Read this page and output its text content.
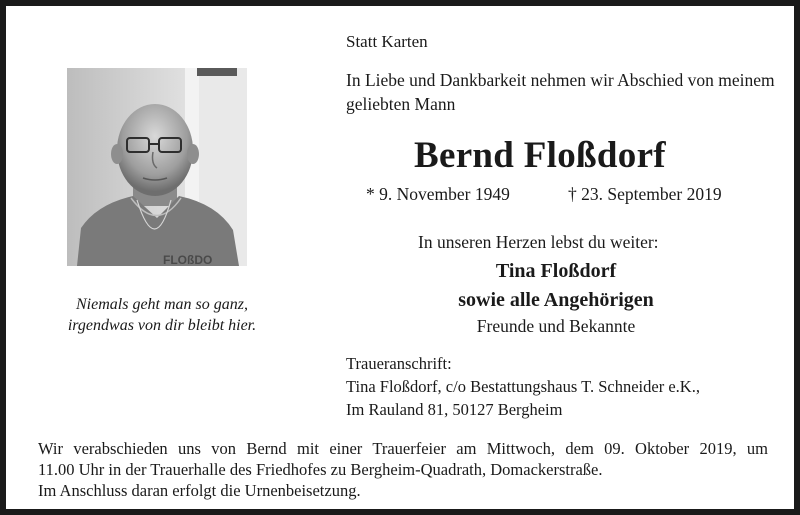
Statt Karten
In Liebe und Dankbarkeit nehmen wir Abschied von meinem geliebten Mann
FLOßDO
Niemals geht man so ganz,
irgendwas von dir bleibt hier.
Bernd Floßdorf
* 9. November 1949	† 23. September 2019
In unseren Herzen lebst du weiter:
Tina Floßdorf
sowie alle Angehörigen
Freunde und Bekannte
Traueranschrift:
Tina Floßdorf, c/o Bestattungshaus T. Schneider e.K.,
Im Rauland 81, 50127 Bergheim
Wir verabschieden uns von Bernd mit einer Trauerfeier am Mittwoch, dem 09. Oktober 2019, um
11.00 Uhr in der Trauerhalle des Friedhofes zu Bergheim-Quadrath, Domackerstraße.
Im Anschluss daran erfolgt die Urnenbeisetzung.
